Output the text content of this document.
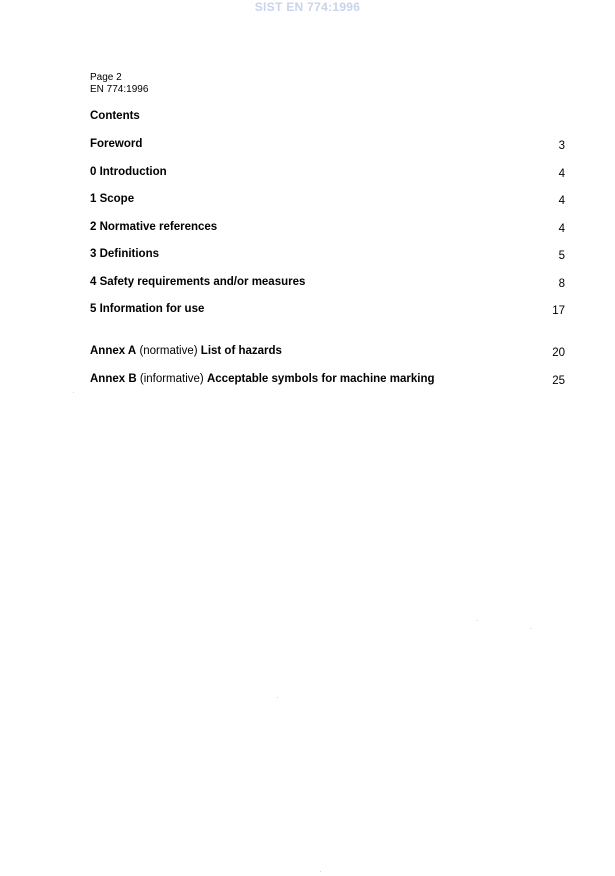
SIST EN 774:1996
Page 2
EN 774:1996
Contents
Foreword	3
0 Introduction	4
1 Scope	4
2 Normative references	4
3 Definitions	5
4 Safety requirements and/or measures	8
5 Information for use	17
Annex A (normative) List of hazards	20
Annex B (informative) Acceptable symbols for machine marking	25
